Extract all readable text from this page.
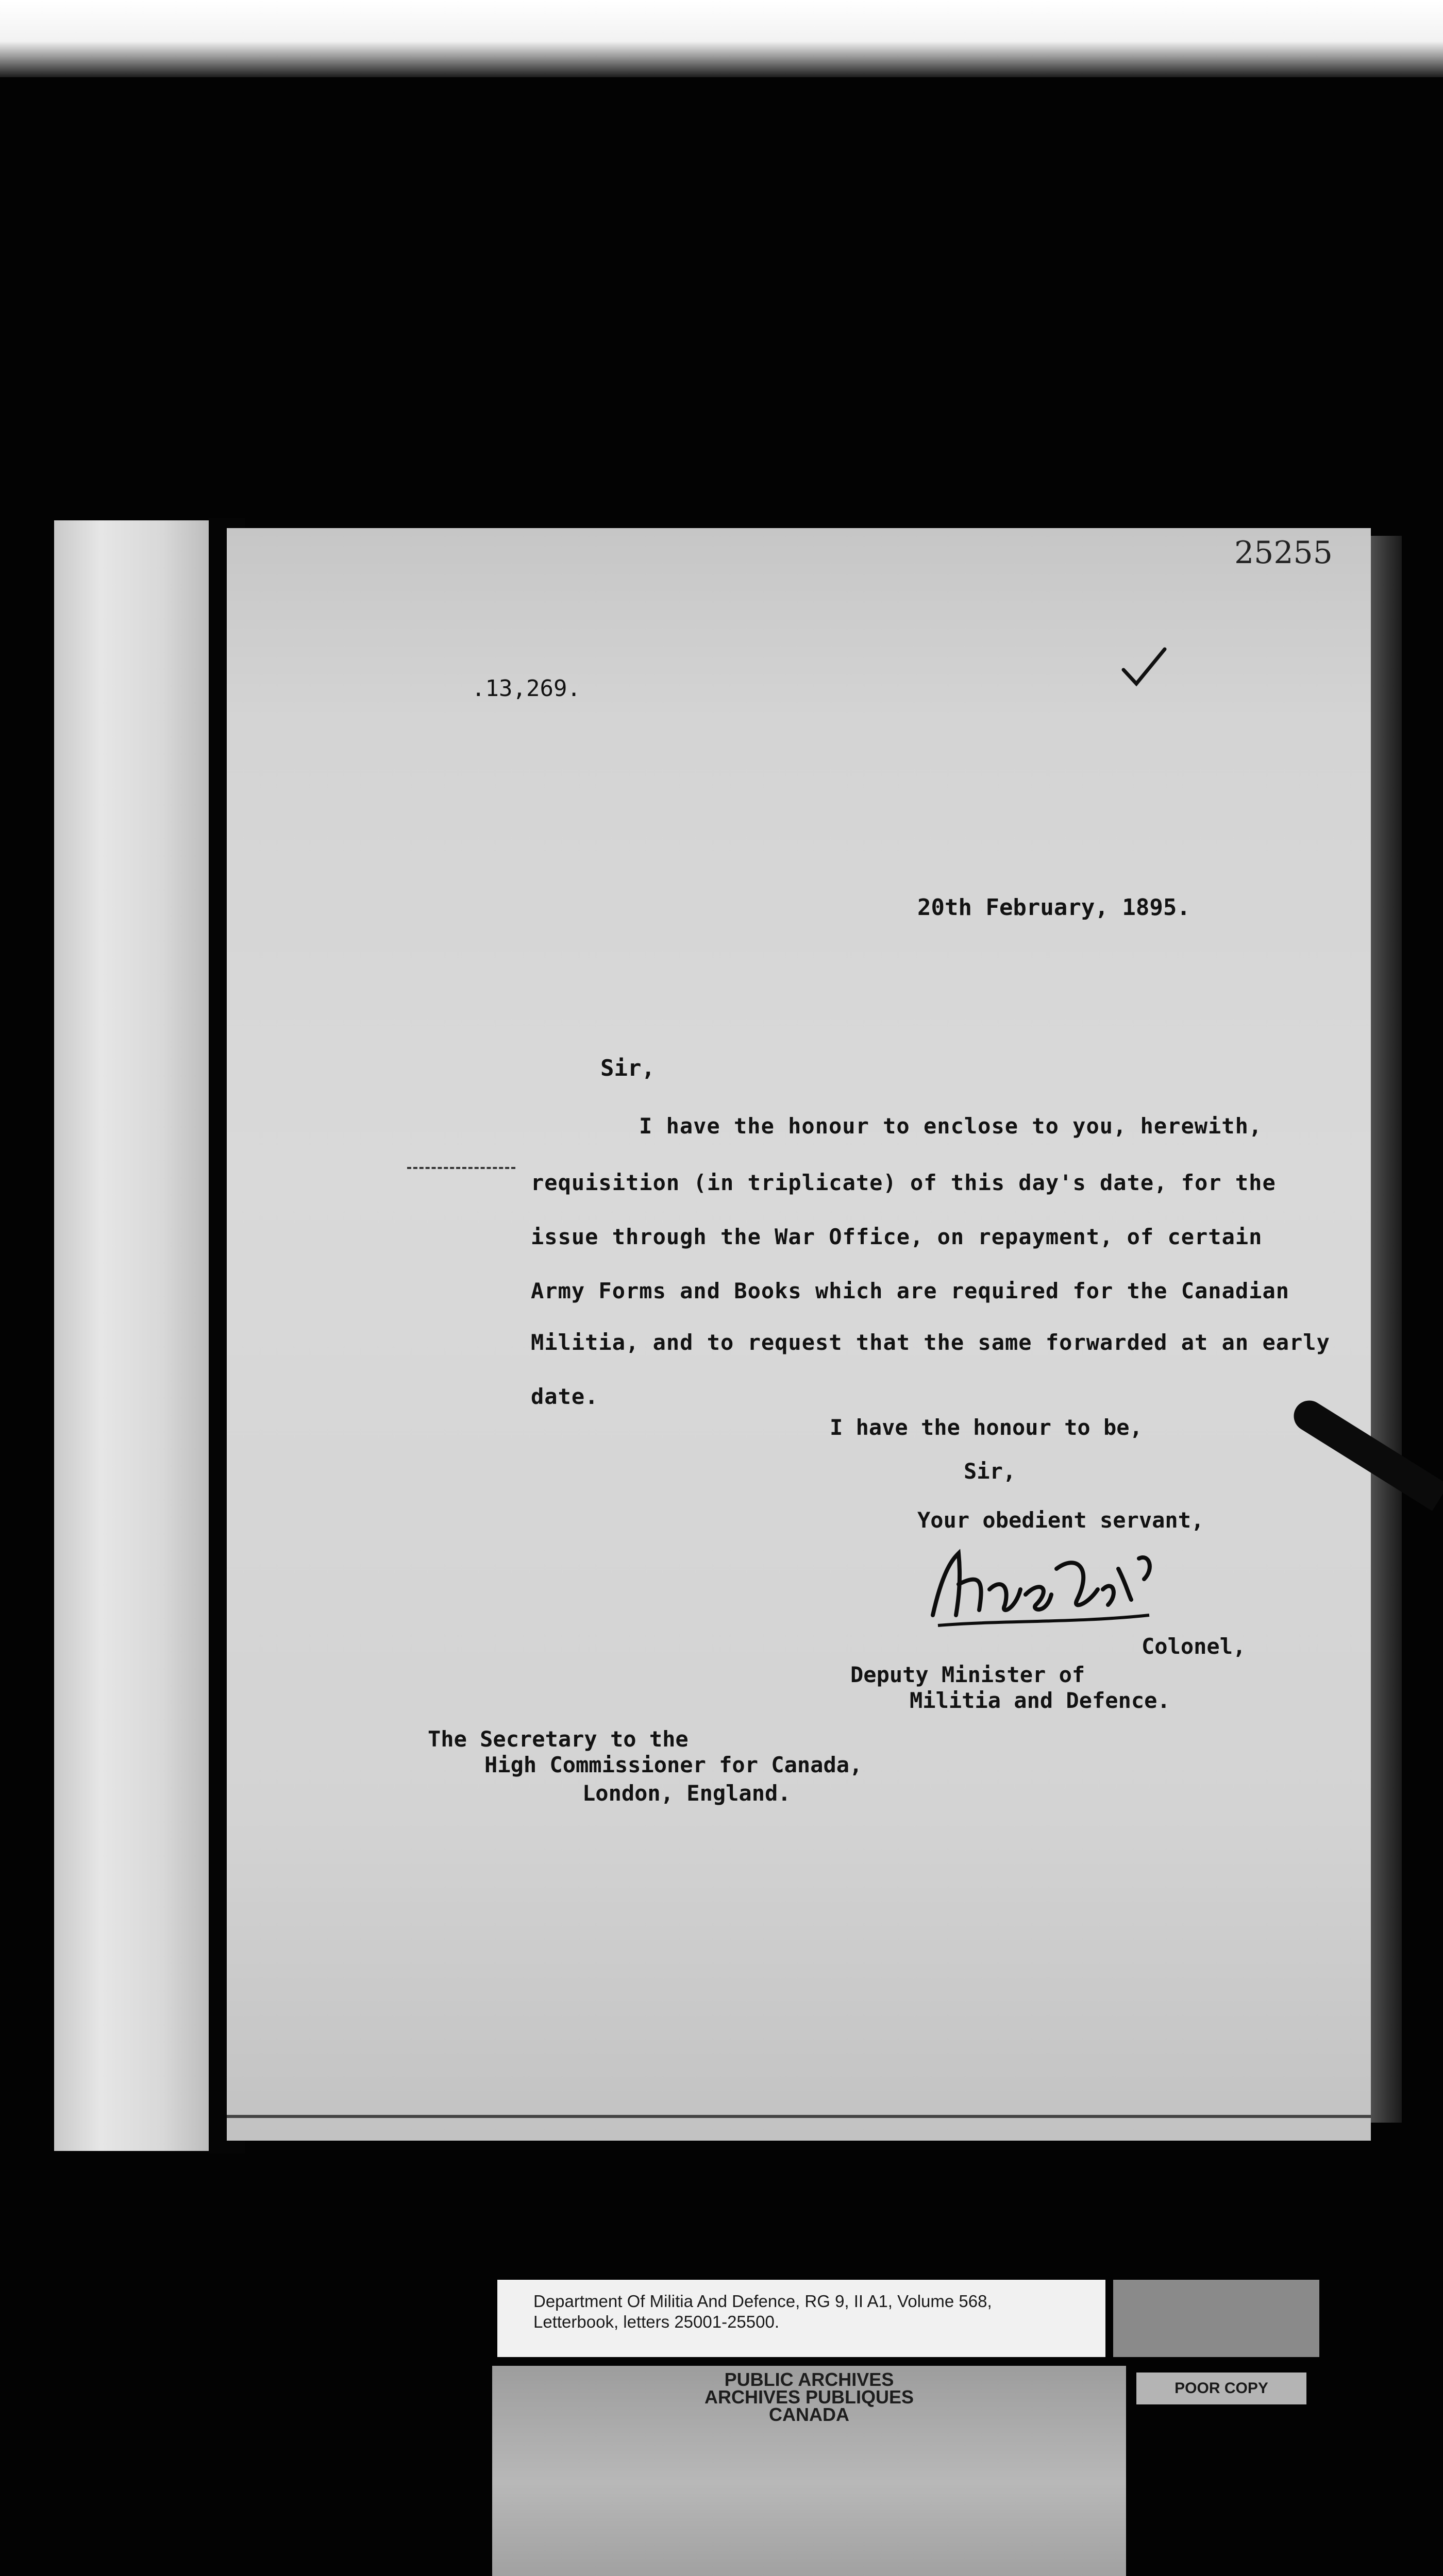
25255
.13,269.
20th February, 1895.
Sir,
I have the honour to enclose to you, herewith,
requisition (in triplicate) of this day's date, for the
issue through the War Office, on repayment, of certain
Army Forms and Books which are required for the Canadian
Militia, and to request that the same forwarded at an early
date.
I have the honour to be,
Sir,
Your obedient servant,
Colonel,
Deputy Minister of
Militia and Defence.
The Secretary to the
High Commissioner for Canada,
London, England.
Department Of Militia And Defence, RG 9, II A1, Volume 568,
Letterbook, letters 25001-25500.
PUBLIC ARCHIVES
ARCHIVES PUBLIQUES
CANADA
POOR COPY
